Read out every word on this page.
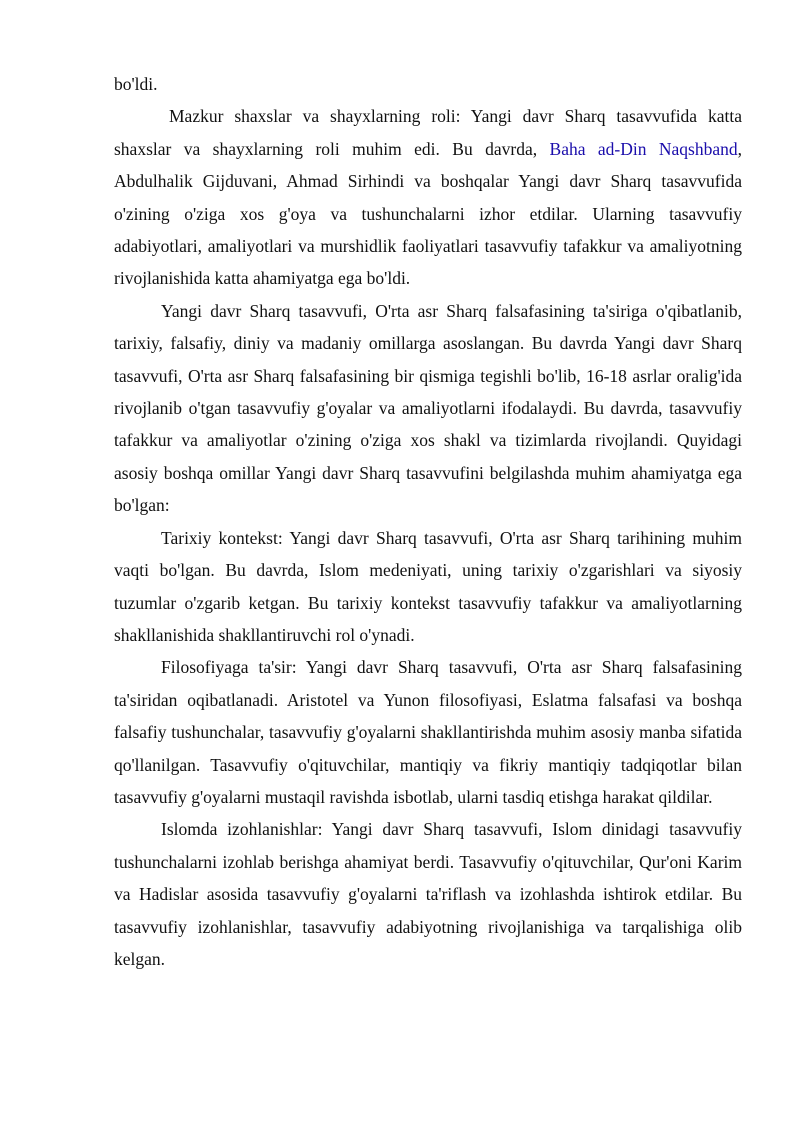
bo'ldi.

Mazkur shaxslar va shayxlarning roli: Yangi davr Sharq tasavvufida katta shaxslar va shayxlarning roli muhim edi. Bu davrda, Baha ad-Din Naqshband, Abdulhalik Gijduvani, Ahmad Sirhindi va boshqalar Yangi davr Sharq tasavvufida o'zining o'ziga xos g'oya va tushunchalarni izhor etdilar. Ularning tasavvufiy adabiyotlari, amaliyotlari va murshidlik faoliyatlari tasavvufiy tafakkur va amaliyotning rivojlanishida katta ahamiyatga ega bo'ldi.

Yangi davr Sharq tasavvufi, O'rta asr Sharq falsafasining ta'siriga o'qibatlanib, tarixiy, falsafiy, diniy va madaniy omillarga asoslangan. Bu davrda Yangi davr Sharq tasavvufi, O'rta asr Sharq falsafasining bir qismiga tegishli bo'lib, 16-18 asrlar oralig'ida rivojlanib o'tgan tasavvufiy g'oyalar va amaliyotlarni ifodalaydi. Bu davrda, tasavvufiy tafakkur va amaliyotlar o'zining o'ziga xos shakl va tizimlarda rivojlandi. Quyidagi asosiy boshqa omillar Yangi davr Sharq tasavvufini belgilashda muhim ahamiyatga ega bo'lgan:

Tarixiy kontekst: Yangi davr Sharq tasavvufi, O'rta asr Sharq tarihining muhim vaqti bo'lgan. Bu davrda, Islom medeniyati, uning tarixiy o'zgarishlari va siyosiy tuzumlar o'zgarib ketgan. Bu tarixiy kontekst tasavvufiy tafakkur va amaliyotlarning shakllanishida shakllantiruvchi rol o'ynadi.

Filosofiyaga ta'sir: Yangi davr Sharq tasavvufi, O'rta asr Sharq falsafasining ta'siridan oqibatlanadi. Aristotel va Yunon filosofiyasi, Eslatma falsafasi va boshqa falsafiy tushunchalar, tasavvufiy g'oyalarni shakllantirishda muhim asosiy manba sifatida qo'llanilgan. Tasavvufiy o'qituvchilar, mantiqiy va fikriy mantiqiy tadqiqotlar bilan tasavvufiy g'oyalarni mustaqil ravishda isbotlab, ularni tasdiq etishga harakat qildilar.

Islomda izohlanishlar: Yangi davr Sharq tasavvufi, Islom dinidagi tasavvufiy tushunchalarni izohlab berishga ahamiyat berdi. Tasavvufiy o'qituvchilar, Qur'oni Karim va Hadislar asosida tasavvufiy g'oyalarni ta'riflash va izohlashda ishtirok etdilar. Bu tasavvufiy izohlanishlar, tasavvufiy adabiyotning rivojlanishiga va tarqalishiga olib kelgan.
